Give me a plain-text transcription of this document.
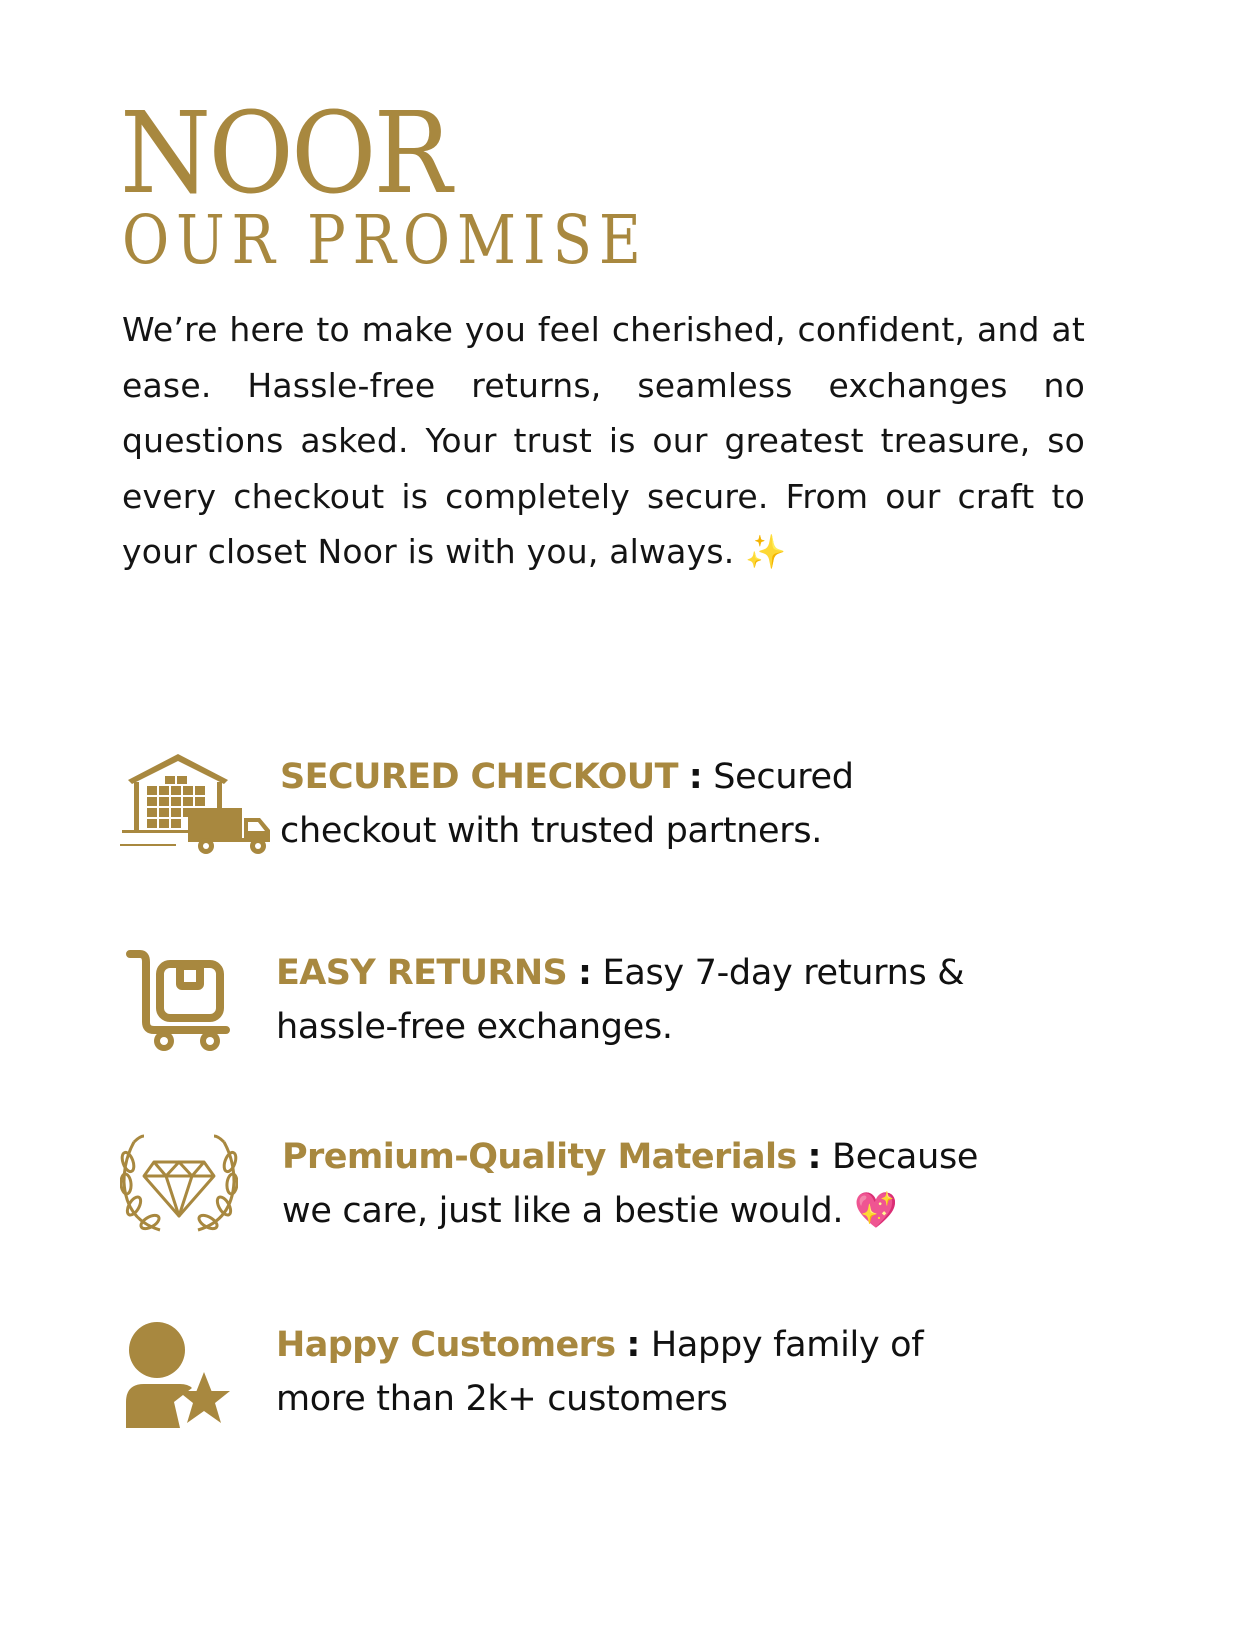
NOOR
OUR PROMISE

We’re here to make you feel cherished, confident, and at ease. Hassle-free returns, seamless exchanges no questions asked. Your trust is our greatest treasure, so every checkout is completely secure. From our craft to your closet Noor is with you, always. ✨

SECURED CHECKOUT : Secured
checkout with trusted partners.

EASY RETURNS : Easy 7-day returns &
hassle-free exchanges.

Premium-Quality Materials : Because
we care, just like a bestie would. 💖

Happy Customers : Happy family of
more than 2k+ customers
